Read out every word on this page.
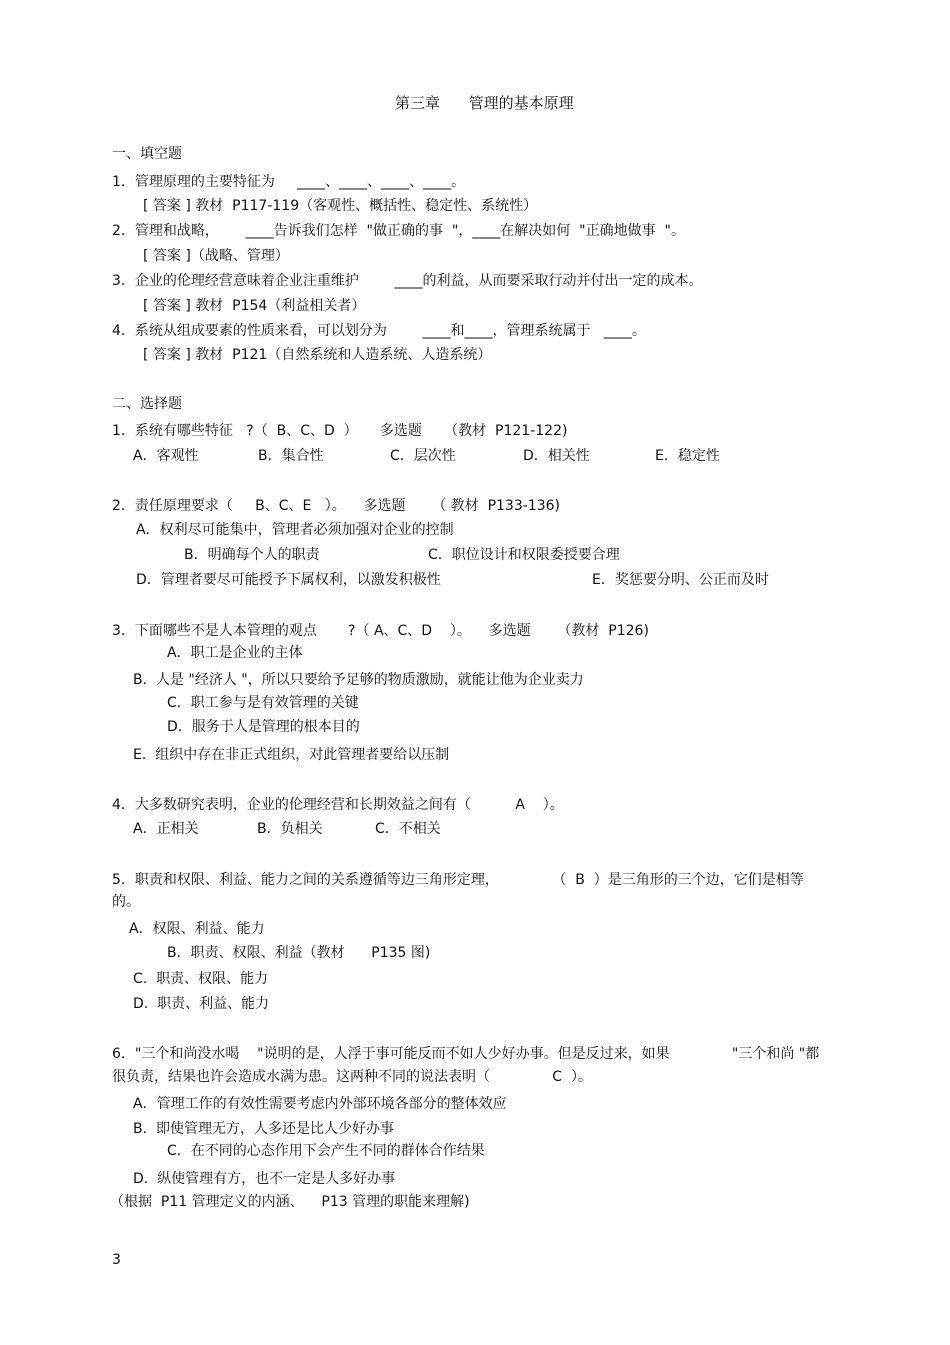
第三章      管理的基本原理
一、填空题
1．管理原理的主要特征为     ____、____、____、____。
[ 答案 ] 教材  P117-119（客观性、概括性、稳定性、系统性）
2．管理和战略，      ____告诉我们怎样  "做正确的事  "，____在解决如何  "正确地做事  "。
[ 答案 ]（战略、管理）
3．企业的伦理经营意味着企业注重维护        ____的利益，从而要采取行动并付出一定的成本。
[ 答案 ] 教材  P154（利益相关者）
4．系统从组成要素的性质来看，可以划分为        ____和____，管理系统属于   ____。
[ 答案 ] 教材  P121（自然系统和人造系统、人造系统）
二、选择题
1．系统有哪些特征   ?（  B、C、D  ）     多选题     （教材  P121-122)
A．客观性	B．集合性	C．层次性	D．相关性	E．稳定性
2．责任原理要求（     B、C、E   ）。    多选题      （ 教材  P133-136)
A．权利尽可能集中，管理者必须加强对企业的控制
B．明确每个人的职责	C．职位设计和权限委授要合理
D．管理者要尽可能授予下属权利，以激发积极性	E．奖惩要分明、公正而及时
3．下面哪些不是人本管理的观点       ?（ A、C、D    ）。    多选题      （教材  P126)
A．职工是企业的主体
B.  人是 "经济人 "，所以只要给予足够的物质激励，就能让他为企业卖力
C．职工参与是有效管理的关键
D．服务于人是管理的根本目的
E.  组织中存在非正式组织，对此管理者要给以压制
4．大多数研究表明，企业的伦理经营和长期效益之间有（          A    ）。
A．正相关	B．负相关	C．不相关
5．职责和权限、利益、能力之间的关系遵循等边三角形定理，            （  B  ）是三角形的三个边，它们是相等
的。
A．权限、利益、能力
B．职责、权限、利益（教材      P135 图)
C.  职责、权限、能力
D.  职责、利益、能力
6．"三个和尚没水喝    "说明的是，人浮于事可能反而不如人少好办事。但是反过来，如果              "三个和尚 "都
很负责，结果也许会造成水满为患。这两种不同的说法表明（              C  ）。
A．管理工作的有效性需要考虑内外部环境各部分的整体效应
B.  即使管理无方，人多还是比人少好办事
C．在不同的心态作用下会产生不同的群体合作结果
D.  纵使管理有方，也不一定是人多好办事
（根据  P11 管理定义的内涵、    P13 管理的职能来理解)
3
